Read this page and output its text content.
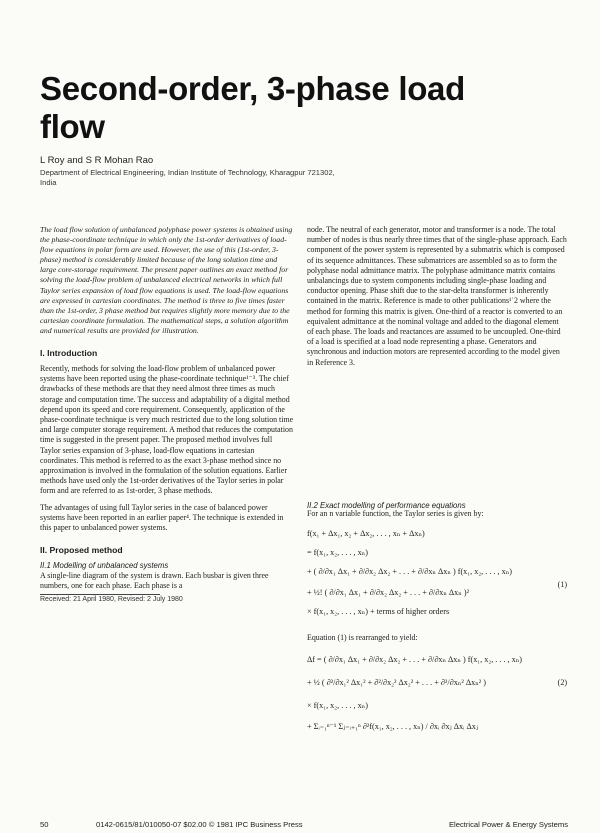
Second-order, 3-phase load flow
L Roy and S R Mohan Rao
Department of Electrical Engineering, Indian Institute of Technology, Kharagpur 721302, India

The load flow solution of unbalanced polyphase power systems is obtained using the phase-coordinate technique in which only the 1st-order derivatives of load-flow equations in polar form are used. However, the use of this (1st-order, 3-phase) method is considerably limited because of the long solution time and large core-storage requirement. The present paper outlines an exact method for solving the load-flow problem of unbalanced electrical networks in which full Taylor series expansion of load flow equations is used. The load-flow equations are expressed in cartesian coordinates. The method is three to five times faster than the 1st-order, 3 phase method but requires slightly more memory due to the cartesian coordinate formulation. The mathematical steps, a solution algorithm and numerical results are provided for illustration.

I. Introduction

Recently, methods for solving the load-flow problem of unbalanced power systems have been reported using the phase-coordinate technique¹⁻³. The chief drawbacks of these methods are that they need almost three times as much storage and computation time. The success and adaptability of a digital method depend upon its speed and core requirement. Consequently, application of the phase-coordinate technique is very much restricted due to the long solution time and large computer storage requirement. A method that reduces the computation time is suggested in the present paper. The proposed method involves full Taylor series expansion of 3-phase, load-flow equations in cartesian coordinates. This method is referred to as the exact 3-phase method since no approximation is involved in the formulation of the solution equations. Earlier methods have used only the 1st-order derivatives of the Taylor series in polar form and are referred to as 1st-order, 3 phase methods.

The advantages of using full Taylor series in the case of balanced power systems have been reported in an earlier paper⁴. The technique is extended in this paper to unbalanced power systems.

II. Proposed method
II.1 Modelling of unbalanced systems

A single-line diagram of the system is drawn. Each busbar is given three numbers, one for each phase. Each phase is a

Received: 21 April 1980, Revised: 2 July 1980

node. The neutral of each generator, motor and transformer is a node. The total number of nodes is thus nearly three times that of the single-phase approach. Each component of the power system is represented by a submatrix which is composed of its sequence admittances. These submatrices are assembled so as to form the polyphase nodal admittance matrix. The polyphase admittance matrix contains unbalancings due to system components including single-phase loading and conductor opening. Phase shift due to the star-delta transformer is inherently contained in the matrix. Reference is made to other publications¹˙2 where the method for forming this matrix is given. One-third of a reactor is converted to an equivalent admittance at the nominal voltage and added to the diagonal element of each phase. The loads and reactances are assumed to be uncoupled. One-third of a load is specified at a load node representing a phase. Generators and synchronous and induction motors are represented according to the model given in Reference 3.

II.2 Exact modelling of performance equations

For an n variable function, the Taylor series is given by:

f(x₁ + Δx₁, x₂ + Δx₂, . . . , xₙ + Δxₙ)

= f(x₁, x₂, . . . , xₙ)

+ ( ∂/∂x₁ Δx₁ + ∂/∂x₂ Δx₂ + . . . + ∂/∂xₙ Δxₙ ) f(x₁, x₂, . . . , xₙ)

(1)

+ ½! ( ∂/∂x₁ Δx₁ + ∂/∂x₂ Δx₂ + . . . + ∂/∂xₙ Δxₙ )²

× f(x₁, x₂, . . . , xₙ) + terms of higher orders

Equation (1) is rearranged to yield:

Δf = ( ∂/∂x₁ Δx₁ + ∂/∂x₂ Δx₂ + . . . + ∂/∂xₙ Δxₙ ) f(x₁, x₂, . . . , xₙ)

+ ½ ( ∂²/∂x₁² Δx₁² + ∂²/∂x₂² Δx₂² + . . . + ∂²/∂xₙ² Δxₙ² )	(2)

× f(x₁, x₂, . . . , xₙ)

+ Σᵢ₌₁ⁿ⁻¹ Σⱼ₌ᵢ₊₁ⁿ ∂²f(x₁, x₂, . . . , xₙ) / ∂xᵢ ∂xⱼ Δxᵢ Δxⱼ

50	0142-0615/81/010050-07 $02.00 © 1981 IPC Business Press	Electrical Power & Energy Systems
